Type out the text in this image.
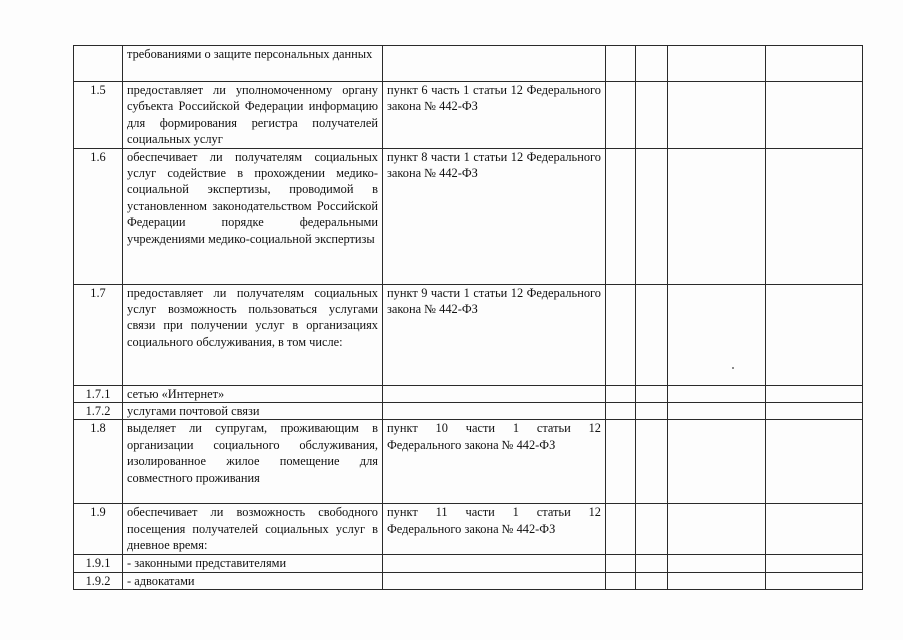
	требованиями о защите персональных данных					
1.5	предоставляет ли уполномоченному органу субъекта Российской Федерации информацию для формирования регистра получателей социальных услуг	пункт 6 часть 1 статьи 12 Федерального закона № 442-ФЗ				
1.6	обеспечивает ли получателям социальных услуг содействие в прохождении медико-социальной экспертизы, проводимой в установленном законодательством Российской Федерации порядке федеральными учреждениями медико-социальной экспертизы	пункт 8 части 1 статьи 12 Федерального закона № 442-ФЗ				
1.7	предоставляет ли получателям социальных услуг возможность пользоваться услугами связи при получении услуг в организациях социального обслуживания, в том числе:	пункт 9 части 1 статьи 12 Федерального закона № 442-ФЗ				
1.7.1	сетью «Интернет»					
1.7.2	услугами почтовой связи					
1.8	выделяет ли супругам, проживающим в организации социального обслуживания, изолированное жилое помещение для совместного проживания	пункт 10 части 1 статьи 12 Федерального закона № 442-ФЗ				
1.9	обеспечивает ли возможность свободного посещения получателей социальных услуг в дневное время:	пункт 11 части 1 статьи 12 Федерального закона № 442-ФЗ				
1.9.1	- законными представителями					
1.9.2	- адвокатами					
